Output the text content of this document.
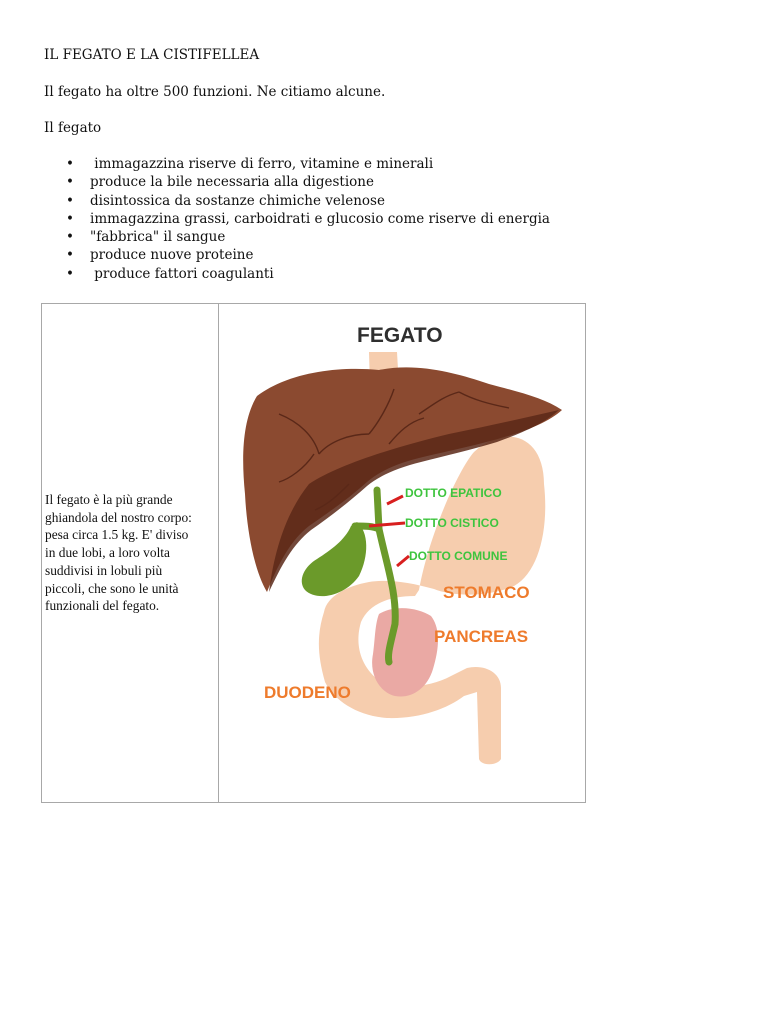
IL FEGATO E LA CISTIFELLEA

Il fegato ha oltre 500 funzioni. Ne citiamo alcune.

Il fegato

• immagazzina riserve di ferro, vitamine e minerali
• produce la bile necessaria alla digestione
• disintossica da sostanze chimiche velenose
• immagazzina grassi, carboidrati e glucosio come riserve di energia
• "fabbrica" il sangue
• produce nuove proteine
• produce fattori coagulanti

Il fegato è la più grande
ghiandola del nostro corpo:
pesa circa 1.5 kg. E' diviso
in due lobi, a loro volta
suddivisi in lobuli più
piccoli, che sono le unità
funzionali del fegato.

FEGATO
DOTTO EPATICO
DOTTO CISTICO
DOTTO COMUNE
STOMACO
PANCREAS
DUODENO
